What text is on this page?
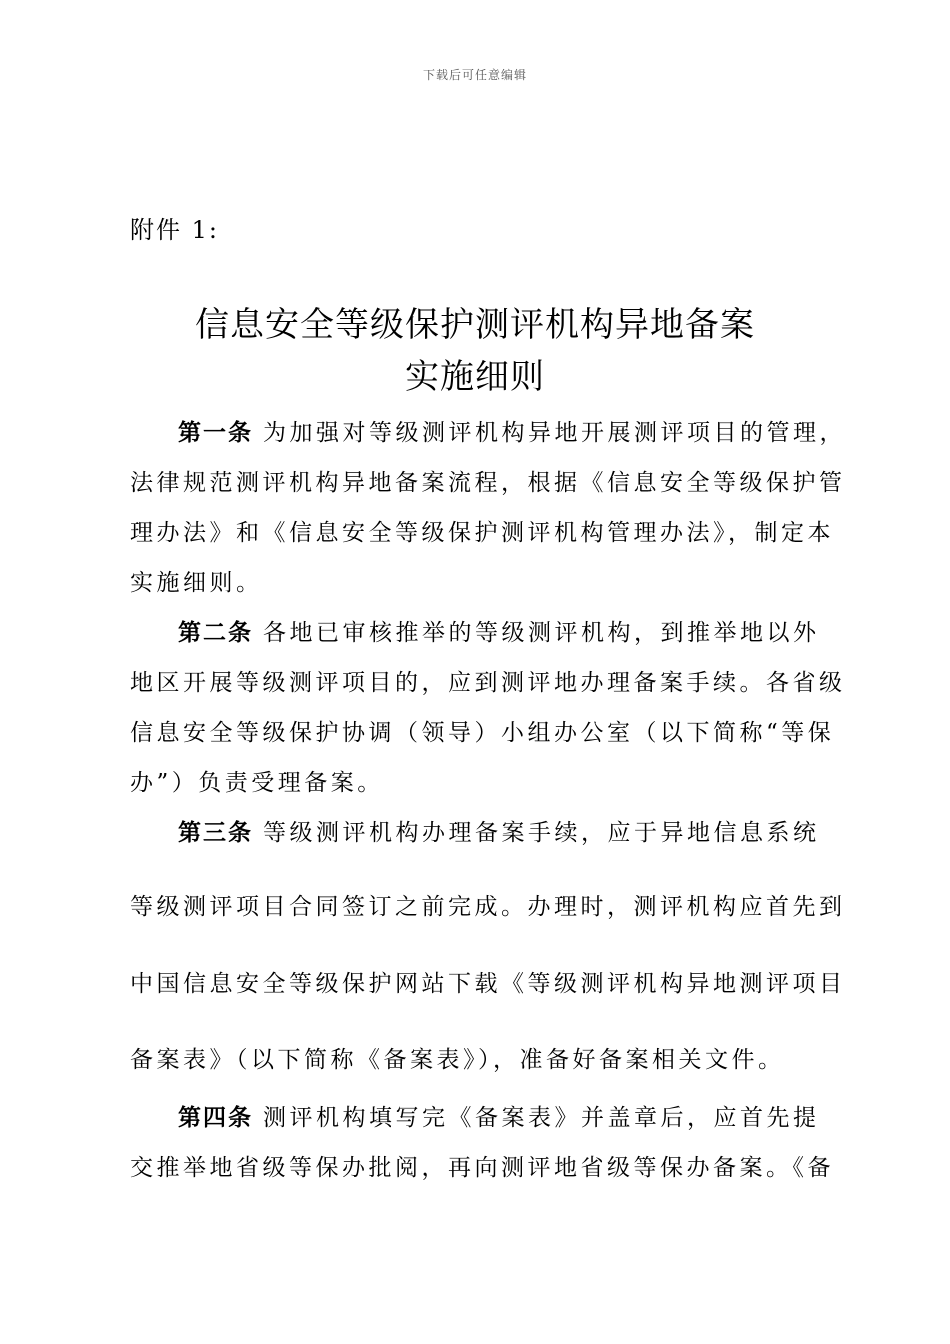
下载后可任意编辑
附件 1:
信息安全等级保护测评机构异地备案
实施细则
第一条 为加强对等级测评机构异地开展测评项目的管理，
法律规范测评机构异地备案流程，根据《信息安全等级保护管
理办法》和《信息安全等级保护测评机构管理办法》，制定本
实施细则。
第二条 各地已审核推举的等级测评机构，到推举地以外
地区开展等级测评项目的，应到测评地办理备案手续。各省级
信息安全等级保护协调（领导）小组办公室（以下简称“等保
办”）负责受理备案。
第三条 等级测评机构办理备案手续，应于异地信息系统
等级测评项目合同签订之前完成。办理时，测评机构应首先到
中国信息安全等级保护网站下载《等级测评机构异地测评项目
备案表》（以下简称《备案表》），准备好备案相关文件。
第四条 测评机构填写完《备案表》并盖章后，应首先提
交推举地省级等保办批阅，再向测评地省级等保办备案。《备
